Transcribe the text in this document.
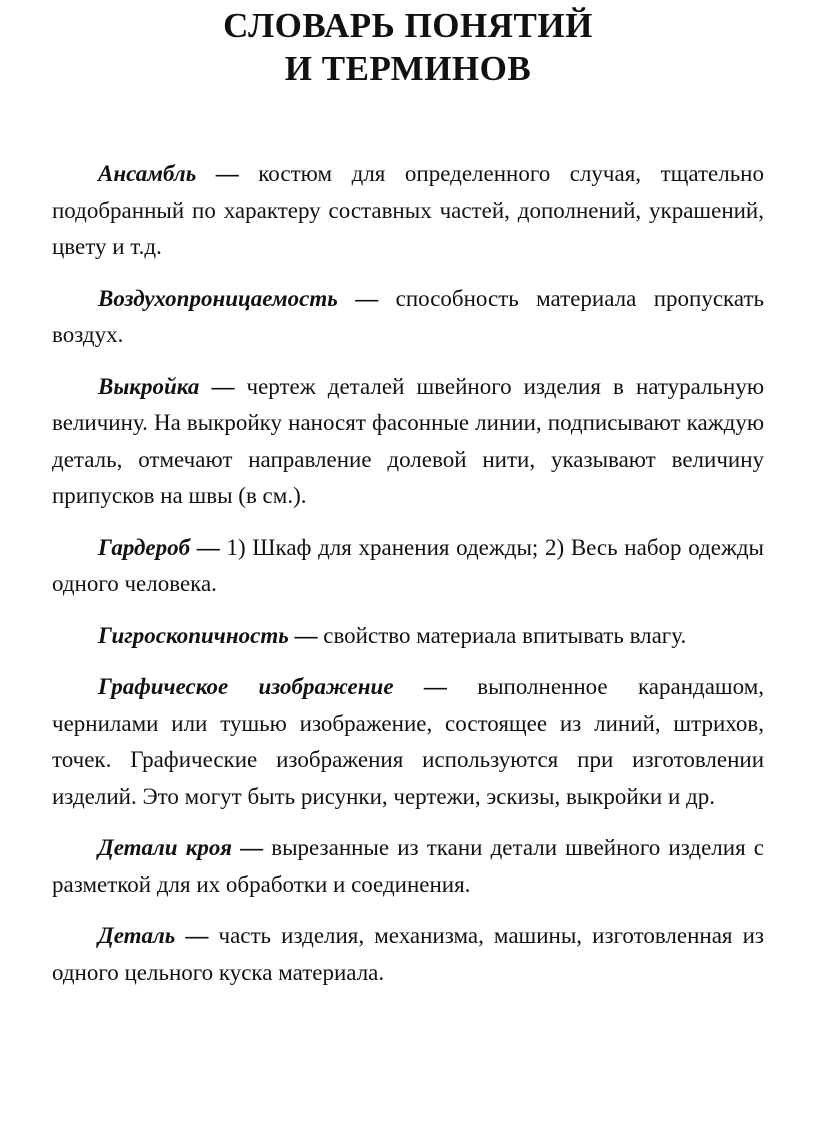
СЛОВАРЬ ПОНЯТИЙ
И ТЕРМИНОВ

Ансамбль — костюм для определенного случая, тщательно подобранный по характеру составных частей, дополнений, украшений, цвету и т.д.

Воздухопроницаемость — способность материала пропускать воздух.

Выкройка — чертеж деталей швейного изделия в натуральную величину. На выкройку наносят фасонные линии, подписывают каждую деталь, отмечают направление долевой нити, указывают величину припусков на швы (в см.).

Гардероб — 1) Шкаф для хранения одежды; 2) Весь набор одежды одного человека.

Гигроскопичность — свойство материала впитывать влагу.

Графическое изображение — выполненное карандашом, чернилами или тушью изображение, состоящее из линий, штрихов, точек. Графические изображения используются при изготовлении изделий. Это могут быть рисунки, чертежи, эскизы, выкройки и др.

Детали кроя — вырезанные из ткани детали швейного изделия с разметкой для их обработки и соединения.

Деталь — часть изделия, механизма, машины, изготовленная из одного цельного куска материала.
